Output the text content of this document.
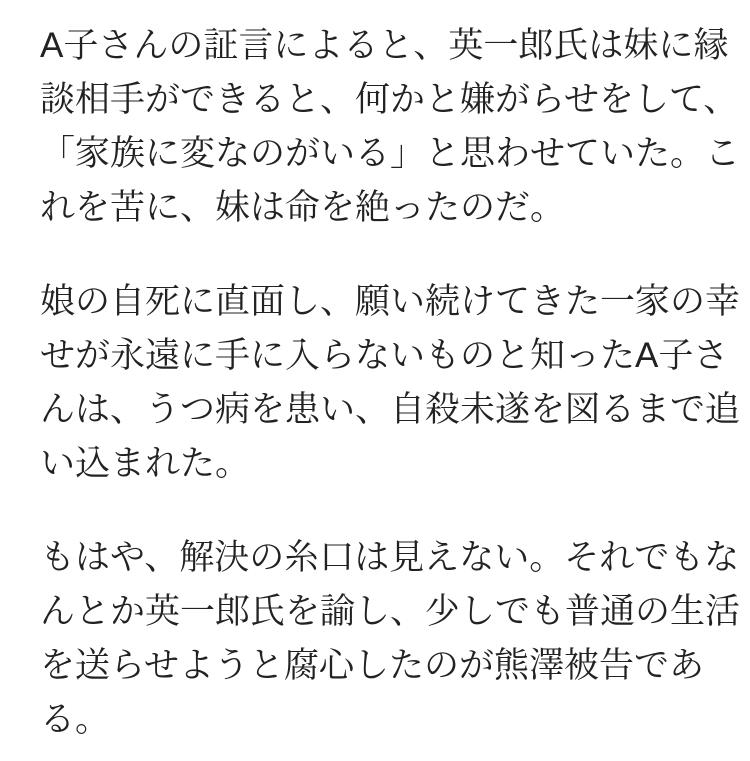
A子さんの証言によると、英一郎氏は妹に縁談相手ができると、何かと嫌がらせをして、「家族に変なのがいる」と思わせていた。これを苦に、妹は命を絶ったのだ。

娘の自死に直面し、願い続けてきた一家の幸せが永遠に手に入らないものと知ったA子さんは、うつ病を患い、自殺未遂を図るまで追い込まれた。

もはや、解決の糸口は見えない。それでもなんとか英一郎氏を諭し、少しでも普通の生活を送らせようと腐心したのが熊澤被告である。
